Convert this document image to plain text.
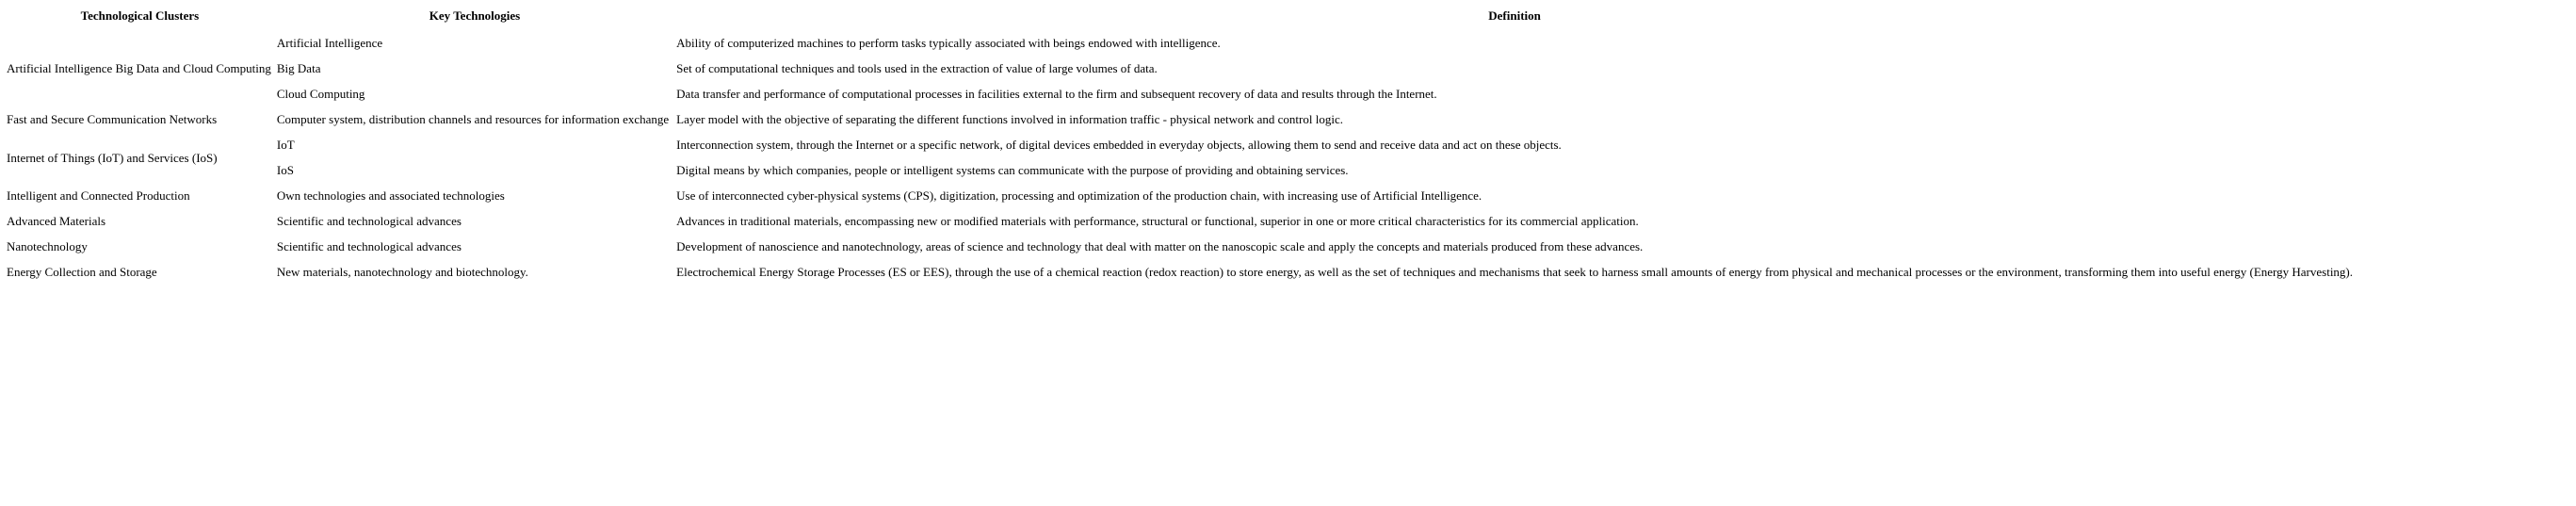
Technological Clusters	Key Technologies	Definition
Artificial Intelligence Big Data and Cloud Computing	Artificial Intelligence	Ability of computerized machines to perform tasks typically associated with beings endowed with intelligence.
	Big Data	Set of computational techniques and tools used in the extraction of value of large volumes of data.
	Cloud Computing	Data transfer and performance of computational processes in facilities external to the firm and subsequent recovery of data and results through the Internet.
Fast and Secure Communication Networks	Computer system, distribution channels and resources for information exchange	Layer model with the objective of separating the different functions involved in information traffic - physical network and control logic.
Internet of Things (IoT) and Services (IoS)	IoT	Interconnection system, through the Internet or a specific network, of digital devices embedded in everyday objects, allowing them to send and receive data and act on these objects.
	IoS	Digital means by which companies, people or intelligent systems can communicate with the purpose of providing and obtaining services.
Intelligent and Connected Production	Own technologies and associated technologies	Use of interconnected cyber-physical systems (CPS), digitization, processing and optimization of the production chain, with increasing use of Artificial Intelligence.
Advanced Materials	Scientific and technological advances	Advances in traditional materials, encompassing new or modified materials with performance, structural or functional, superior in one or more critical characteristics for its commercial application.
Nanotechnology	Scientific and technological advances	Development of nanoscience and nanotechnology, areas of science and technology that deal with matter on the nanoscopic scale and apply the concepts and materials produced from these advances.
Energy Collection and Storage	New materials, nanotechnology and biotechnology.	Electrochemical Energy Storage Processes (ES or EES), through the use of a chemical reaction (redox reaction) to store energy, as well as the set of techniques and mechanisms that seek to harness small amounts of energy from physical and mechanical processes or the environment, transforming them into useful energy (Energy Harvesting).
